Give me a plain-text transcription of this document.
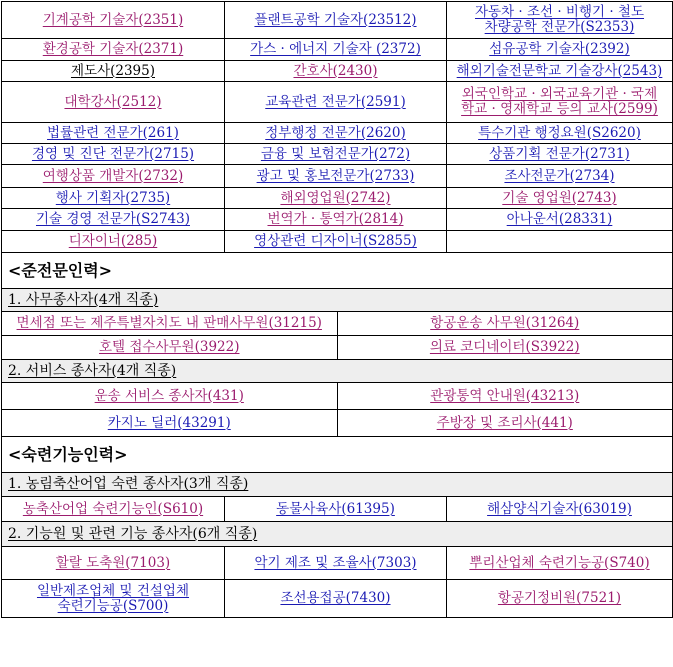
기계공학 기술자(2351)	플랜트공학 기술자(23512)	자동차 · 조선 · 비행기 · 철도
차량공학 전문가(S2353)
환경공학 기술자(2371)	가스 · 에너지 기술자 (2372)	섬유공학 기술자(2392)
제도사(2395)	간호사(2430)	해외기술전문학교 기술강사(2543)
대학강사(2512)	교육관련 전문가(2591)	외국인학교 · 외국교육기관 · 국제
학교 · 영재학교 등의 교사(2599)
법률관련 전문가(261)	정부행정 전문가(2620)	특수기관 행정요원(S2620)
경영 및 진단 전문가(2715)	금융 및 보험전문가(272)	상품기획 전문가(2731)
여행상품 개발자(2732)	광고 및 홍보전문가(2733)	조사전문가(2734)
행사 기획자(2735)	해외영업원(2742)	기술 영업원(2743)
기술 경영 전문가(S2743)	번역가 · 통역가(2814)	아나운서(28331)
디자이너(285)	영상관련 디자이너(S2855)	
<준전문인력>		
1. 사무종사자(4개 직종)		

면세점 또는 제주특별자치도 내 판매사무원(31215) 항공운송 사무원(31264)		

호텔 접수사무원(3922) 의료 코디네이터(S3922)		

2. 서비스 종사자(4개 직종)		

운송 서비스 종사자(431) 관광통역 안내원(43213)		

카지노 딜러(43291) 주방장 및 조리사(441)		

<숙련기능인력>		
1. 농림축산어업 숙련 종사자(3개 직종)		
농축산어업 숙련기능인(S610)	동물사육사(61395)	해삼양식기술자(63019)
2. 기능원 및 관련 기능 종사자(6개 직종)		
할랄 도축원(7103)	악기 제조 및 조율사(7303)	뿌리산업체 숙련기능공(S740)
일반제조업체 및 건설업체
숙련기능공(S700)	조선용접공(7430)	항공기정비원(7521)
